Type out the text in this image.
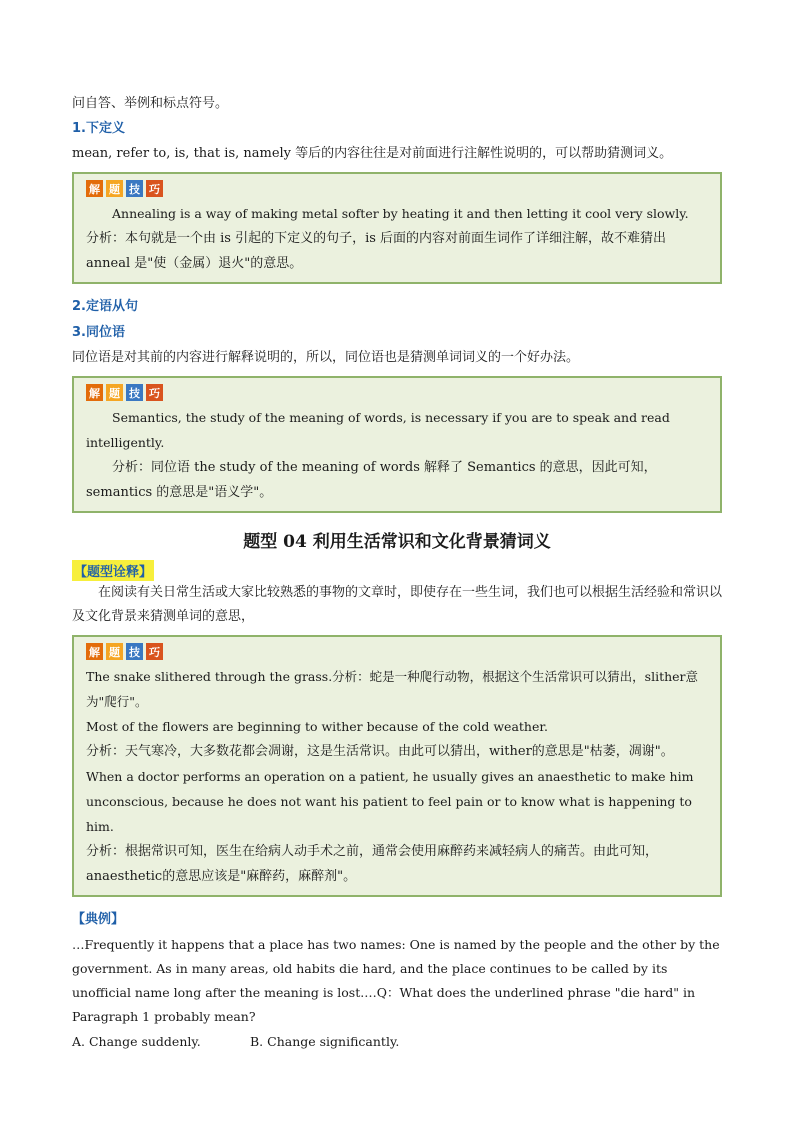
问自答、举例和标点符号。

1.下定义

mean, refer to, is, that is, namely 等后的内容往往是对前面进行注解性说明的，可以帮助猜测词义。

解 题 技 巧

Annealing is a way of making metal softer by heating it and then letting it cool very slowly.

分析：本句就是一个由 is 引起的下定义的句子，is 后面的内容对前面生词作了详细注解，故不难猜出 anneal 是"使（金属）退火"的意思。

2.定语从句

3.同位语

同位语是对其前的内容进行解释说明的，所以，同位语也是猜测单词词义的一个好办法。

解 题 技 巧

Semantics, the study of the meaning of words, is necessary if you are to speak and read intelligently.

分析：同位语 the study of the meaning of words 解释了 Semantics 的意思，因此可知，semantics 的意思是"语义学"。

题型 04 利用生活常识和文化背景猜词义
【题型诠释】

在阅读有关日常生活或大家比较熟悉的事物的文章时，即使存在一些生词，我们也可以根据生活经验和常识以及文化背景来猜测单词的意思，

解 题 技 巧

The snake slithered through the grass.分析：蛇是一种爬行动物，根据这个生活常识可以猜出，slither意为"爬行"。

Most of the flowers are beginning to wither because of the cold weather.

分析：天气寒冷，大多数花都会凋谢，这是生活常识。由此可以猜出，wither的意思是"枯萎，凋谢"。

When a doctor performs an operation on a patient, he usually gives an anaesthetic to make him unconscious, because he does not want his patient to feel pain or to know what is happening to him.

分析：根据常识可知，医生在给病人动手术之前，通常会使用麻醉药来减轻病人的痛苦。由此可知，anaesthetic的意思应该是"麻醉药，麻醉剂"。

【典例】

…Frequently it happens that a place has two names: One is named by the people and the other by the government. As in many areas, old habits die hard, and the place continues to be called by its unofficial name long after the meaning is lost.…Q：What does the underlined phrase "die hard" in Paragraph 1 probably mean?

A. Change suddenly.	B. Change significantly.
